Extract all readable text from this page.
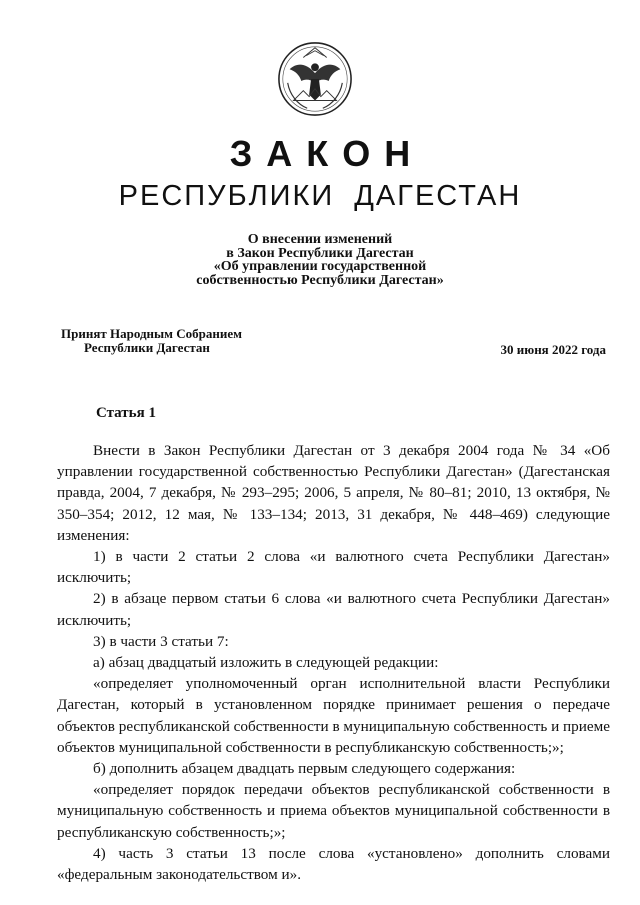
ЗАКОН
РЕСПУБЛИКИ ДАГЕСТАН
О внесении изменений
в Закон Республики Дагестан
«Об управлении государственной
собственностью Республики Дагестан»
Принят Народным Собранием
Республики Дагестан	30 июня 2022 года
Статья 1

Внести в Закон Республики Дагестан от 3 декабря 2004 года № 34 «Об управлении государственной собственностью Республики Дагестан» (Дагестанская правда, 2004, 7 декабря, № 293–295; 2006, 5 апреля, № 80–81; 2010, 13 октября, № 350–354; 2012, 12 мая, № 133–134; 2013, 31 декабря, № 448–469) следующие изменения:

1) в части 2 статьи 2 слова «и валютного счета Республики Дагестан» исключить;

2) в абзаце первом статьи 6 слова «и валютного счета Республики Дагестан» исключить;

3) в части 3 статьи 7:

а) абзац двадцатый изложить в следующей редакции:

«определяет уполномоченный орган исполнительной власти Республики Дагестан, который в установленном порядке принимает решения о передаче объектов республиканской собственности в муниципальную собственность и приеме объектов муниципальной собственности в республиканскую собственность;»;

б) дополнить абзацем двадцать первым следующего содержания:

«определяет порядок передачи объектов республиканской собственности в муниципальную собственность и приема объектов муниципальной собственности в республиканскую собственность;»;

4) часть 3 статьи 13 после слова «установлено» дополнить словами «федеральным законодательством и».
